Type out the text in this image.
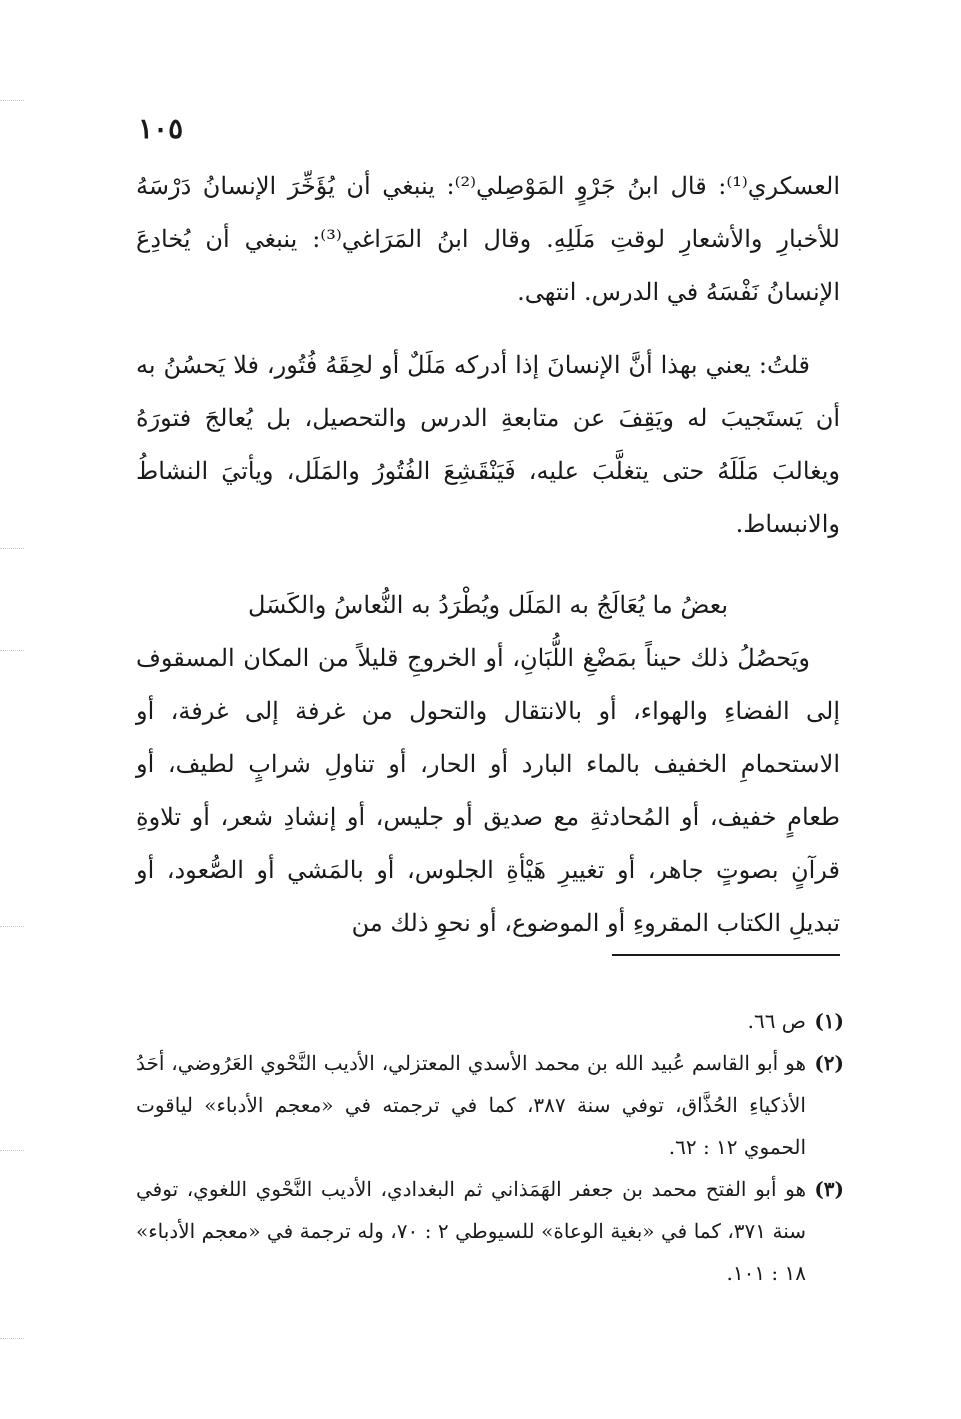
١٠٥

العسكري⁽¹⁾: قال ابنُ جَرْوٍ المَوْصِلي⁽²⁾: ينبغي أن يُؤَخِّرَ الإنسانُ دَرْسَهُ للأخبارِ والأشعارِ لوقتِ مَلَلِهِ. وقال ابنُ المَرَاغي⁽³⁾: ينبغي أن يُخادِعَ الإنسانُ نَفْسَهُ في الدرس. انتهى.

قلتُ: يعني بهذا أنَّ الإنسانَ إذا أدركه مَلَلٌ أو لحِقَهُ فُتُور، فلا يَحسُنُ به أن يَستَجيبَ له ويَقِفَ عن متابعةِ الدرس والتحصيل، بل يُعالجَ فتورَهُ ويغالبَ مَلَلَهُ حتى يتغلَّبَ عليه، فَيَنْقَشِعَ الفُتُورُ والمَلَل، ويأتيَ النشاطُ والانبساط.

بعضُ ما يُعَالَجُ به المَلَل ويُطْرَدُ به النُّعاسُ والكَسَل

ويَحصُلُ ذلك حيناً بمَضْغِ اللُّبَانِ، أو الخروجِ قليلاً من المكان المسقوف إلى الفضاءِ والهواء، أو بالانتقال والتحول من غرفة إلى غرفة، أو الاستحمامِ الخفيف بالماء البارد أو الحار، أو تناولِ شرابٍ لطيف، أو طعامٍ خفيف، أو المُحادثةِ مع صديق أو جليس، أو إنشادِ شعر، أو تلاوةِ قرآنٍ بصوتٍ جاهر، أو تغييرِ هَيْأةِ الجلوس، أو بالمَشي أو الصُّعود، أو تبديلِ الكتاب المقروءِ أو الموضوع، أو نحوِ ذلك من

(١)
ص ٦٦.
(٢)
هو أبو القاسم عُبيد الله بن محمد الأسدي المعتزلي، الأديب النَّحْوي العَرُوضي، أحَدُ الأذكياءِ الحُذَّاق، توفي سنة ٣٨٧، كما في ترجمته في «معجم الأدباء» لياقوت الحموي ١٢ : ٦٢.
(٣)
هو أبو الفتح محمد بن جعفر الهَمَذاني ثم البغدادي، الأديب النَّحْوي اللغوي، توفي سنة ٣٧١، كما في «بغية الوعاة» للسيوطي ٢ : ٧٠، وله ترجمة في «معجم الأدباء» ١٨ : ١٠١.
